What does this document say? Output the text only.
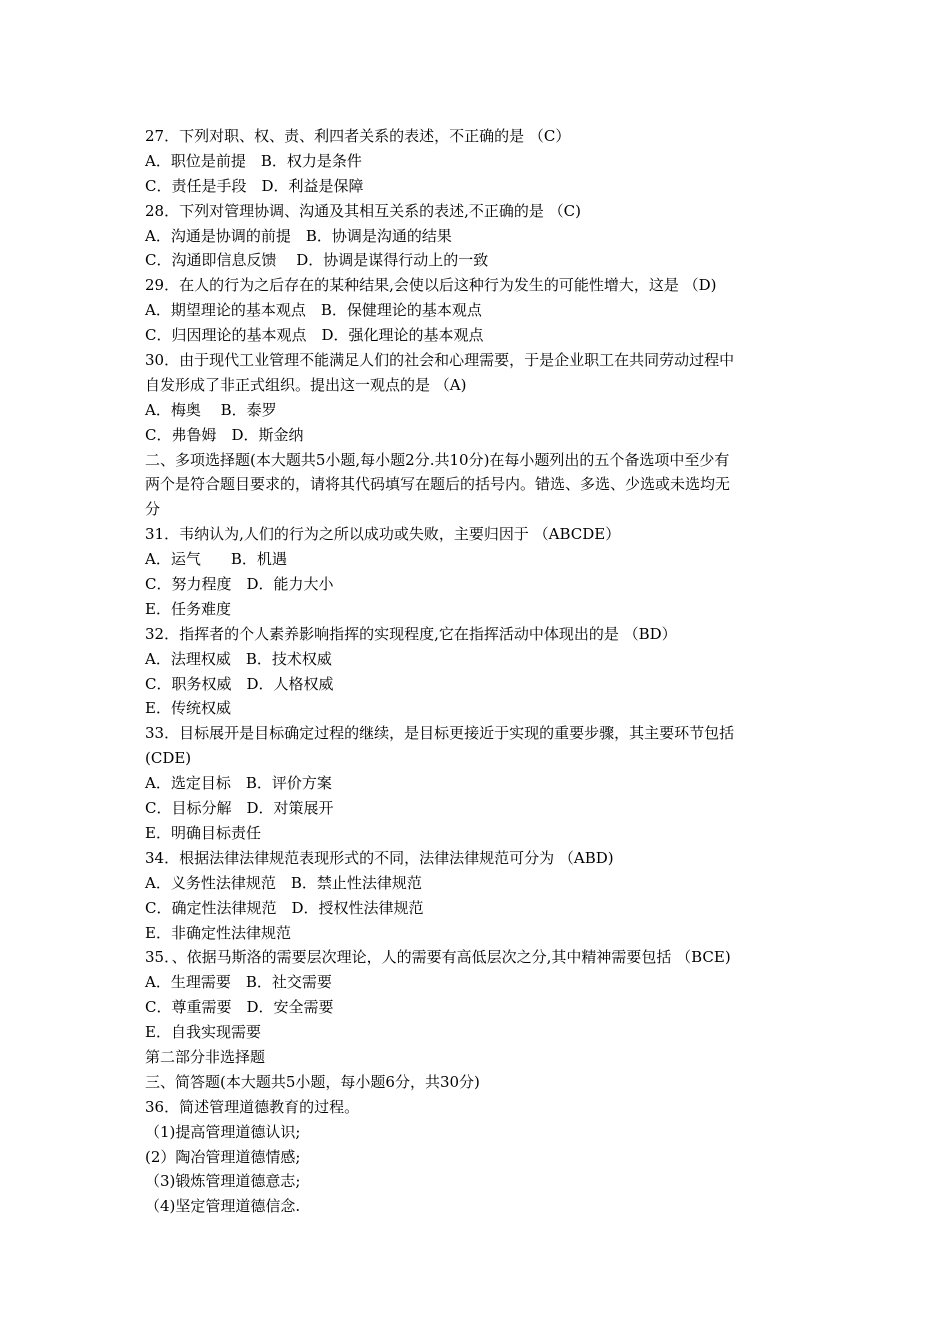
27．下列对职、权、责、利四者关系的表述，不正确的是 （C）
A．职位是前提　B．权力是条件
C．责任是手段　D．利益是保障
28．下列对管理协调、沟通及其相互关系的表述,不正确的是 （C)
A．沟通是协调的前提　B．协调是沟通的结果
C．沟通即信息反馈　 D．协调是谋得行动上的一致
29．在人的行为之后存在的某种结果,会使以后这种行为发生的可能性增大，这是 （D)
A．期望理论的基本观点　B．保健理论的基本观点
C．归因理论的基本观点　D．强化理论的基本观点
30．由于现代工业管理不能满足人们的社会和心理需要，于是企业职工在共同劳动过程中
自发形成了非正式组织。提出这一观点的是 （A)
A．梅奥　 B．泰罗
C．弗鲁姆　D．斯金纳
二、多项选择题(本大题共5小题,每小题2分.共10分)在每小题列出的五个备选项中至少有
两个是符合题目要求的，请将其代码填写在题后的括号内。错选、多选、少选或未选均无
分
31．韦纳认为,人们的行为之所以成功或失败，主要归因于 （ABCDE）
A．运气　　B．机遇
C．努力程度　D．能力大小
E．任务难度
32．指挥者的个人素养影响指挥的实现程度,它在指挥活动中体现出的是 （BD）
A．法理权威　B．技术权威
C．职务权威　D．人格权威
E．传统权威
33．目标展开是目标确定过程的继续，是目标更接近于实现的重要步骤，其主要环节包括
(CDE)
A．选定目标　B．评价方案
C．目标分解　D．对策展开
E．明确目标责任
34．根据法律法律规范表现形式的不同，法律法律规范可分为 （ABD)
A．义务性法律规范　B．禁止性法律规范
C．确定性法律规范　D．授权性法律规范
E．非确定性法律规范
35．、依据马斯洛的需要层次理论，人的需要有高低层次之分,其中精神需要包括 （BCE)
A．生理需要　B．社交需要
C．尊重需要　D．安全需要
E．自我实现需要
第二部分非选择题
三、简答题(本大题共5小题，每小题6分，共30分)
36．简述管理道德教育的过程。
（1)提高管理道德认识;
(2）陶冶管理道德情感;
（3)锻炼管理道德意志;
（4)坚定管理道德信念.
